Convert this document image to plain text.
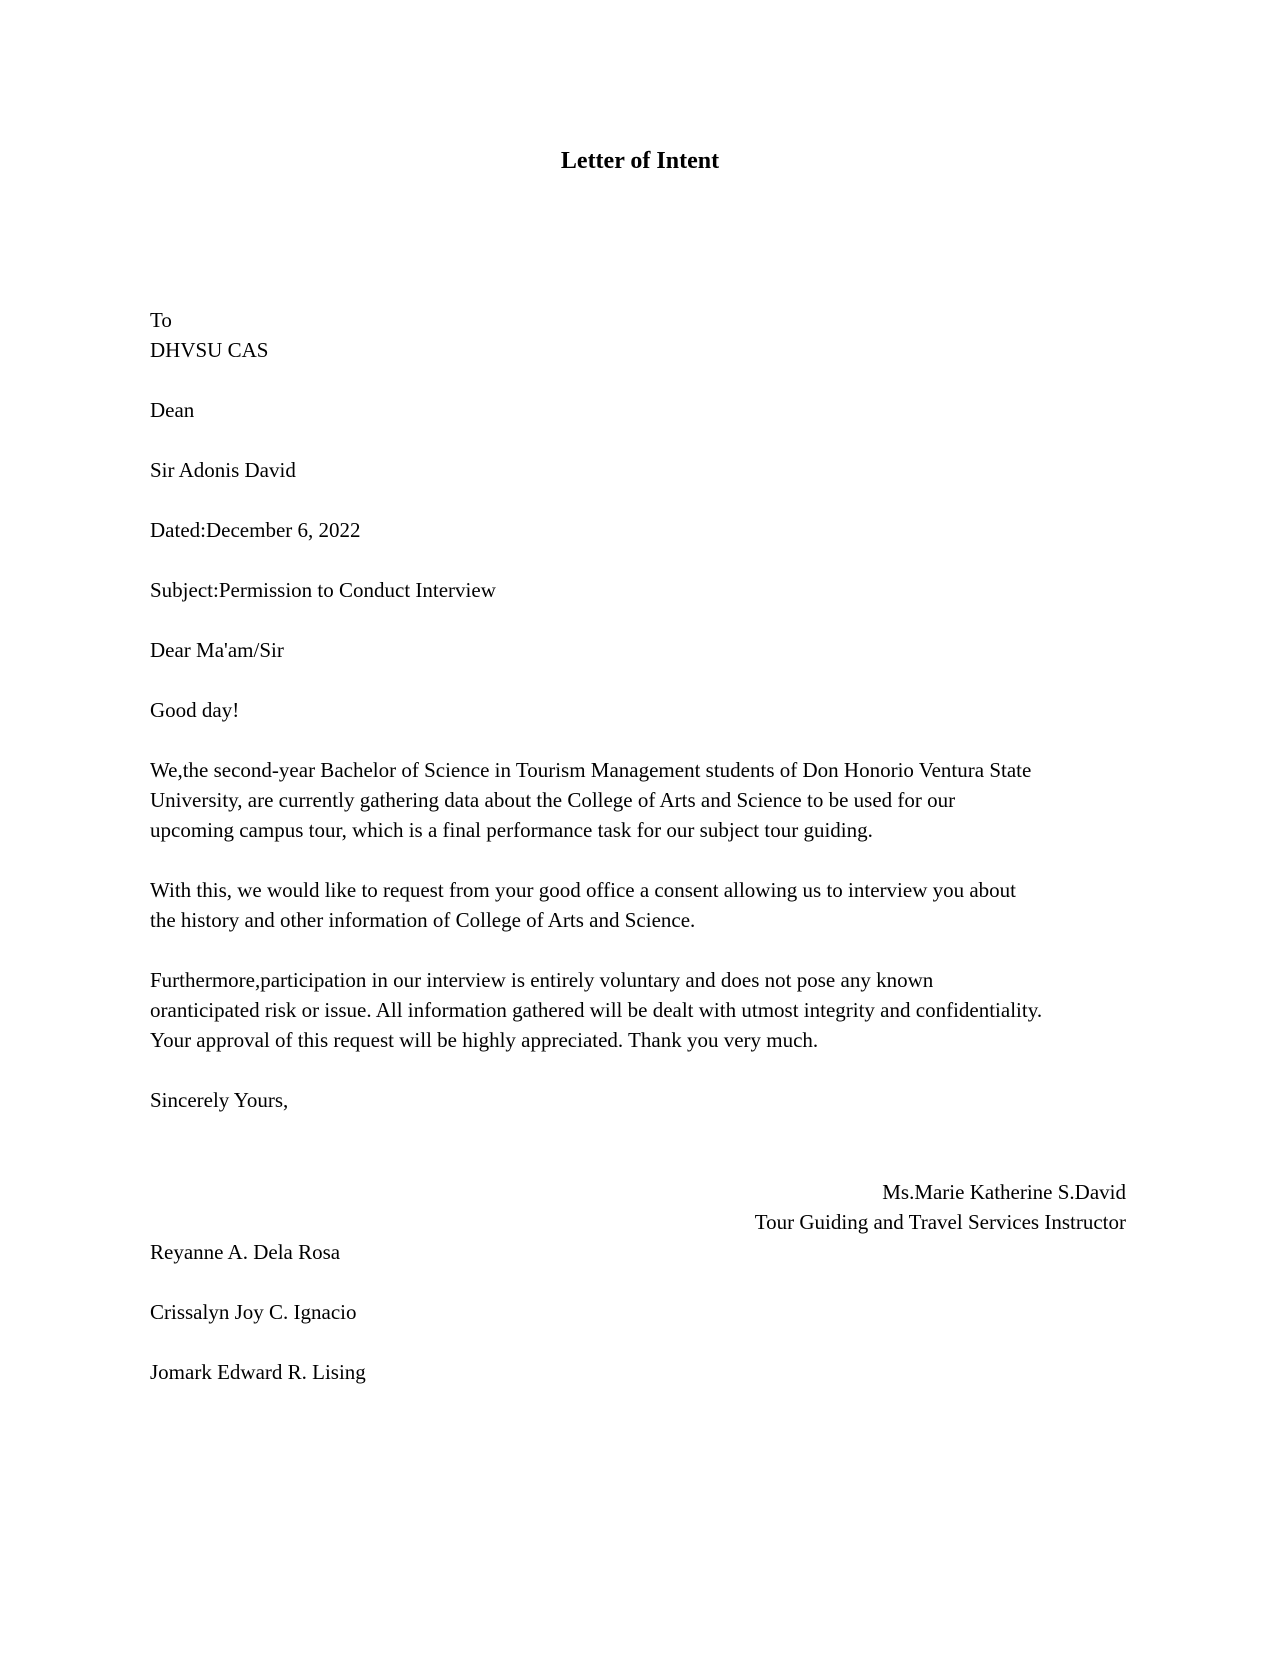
Letter of Intent

To

DHVSU CAS

Dean

Sir Adonis David

Dated:December 6, 2022

Subject:Permission to Conduct Interview

Dear Ma'am/Sir

Good day!

We,the second-year Bachelor of Science in Tourism Management students of Don Honorio Ventura State
University, are currently gathering data about the College of Arts and Science to be used for our
upcoming campus tour, which is a final performance task for our subject tour guiding.
With this, we would like to request from your good office a consent allowing us to interview you about
the history and other information of College of Arts and Science.
Furthermore,participation in our interview is entirely voluntary and does not pose any known
oranticipated risk or issue. All information gathered will be dealt with utmost integrity and confidentiality.
Your approval of this request will be highly appreciated. Thank you very much.

Sincerely Yours,

Ms.Marie Katherine S.David

Tour Guiding and Travel Services Instructor

Reyanne A. Dela Rosa

Crissalyn Joy C. Ignacio

Jomark Edward R. Lising
